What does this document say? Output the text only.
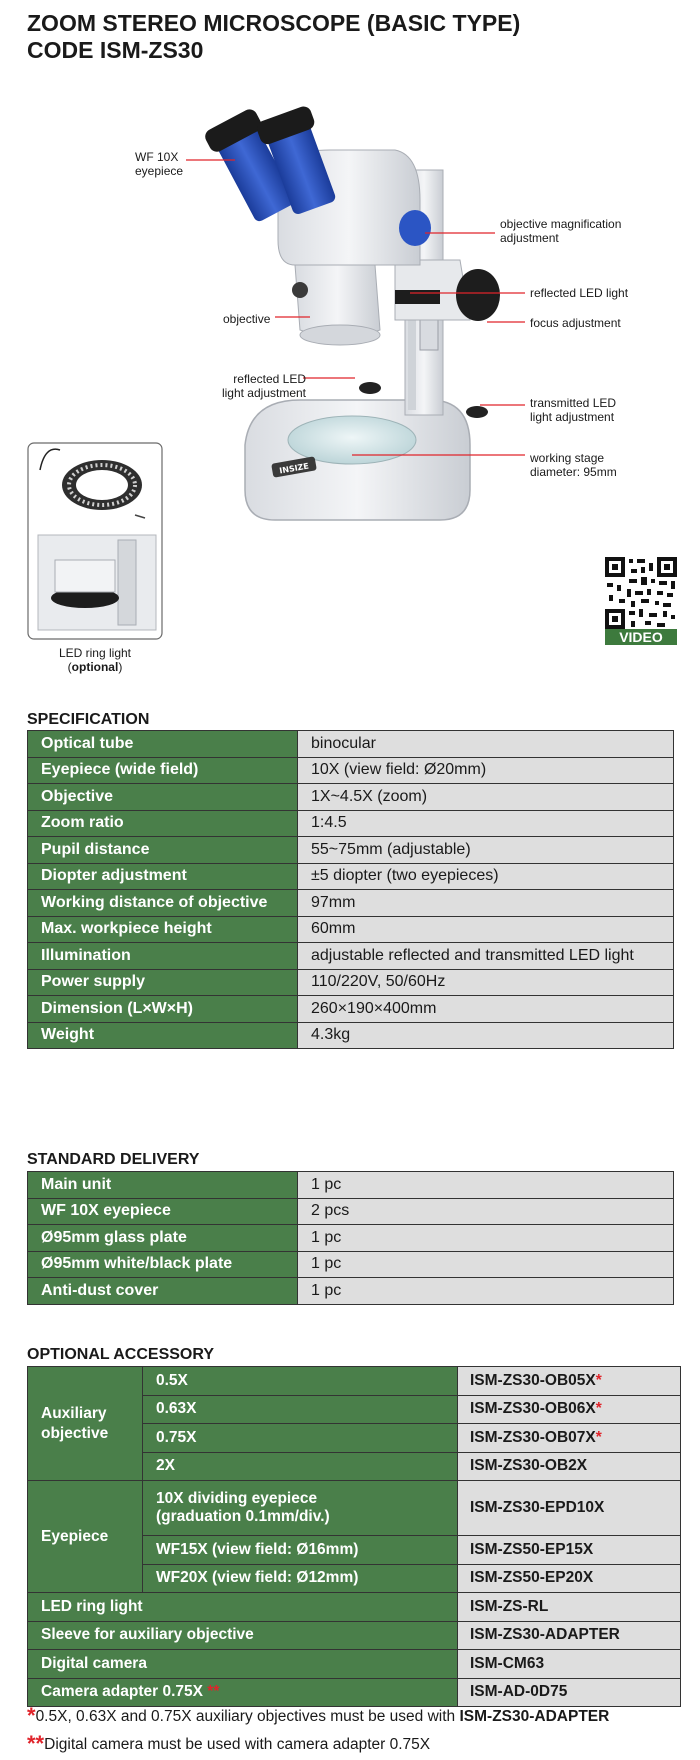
ZOOM STEREO MICROSCOPE (BASIC TYPE)
CODE ISM-ZS30
INSIZE
VIDEO
WF 10X eyepiece
objective
reflected LED light adjustment
objective magnification adjustment
reflected LED light
focus adjustment
transmitted LED light adjustment
working stage diameter: 95mm
LED ring light (optional)
SPECIFICATION
Optical tube	binocular
Eyepiece (wide field)	10X (view field: Ø20mm)
Objective	1X~4.5X (zoom)
Zoom ratio	1:4.5
Pupil distance	55~75mm (adjustable)
Diopter adjustment	±5 diopter (two eyepieces)
Working distance of objective	97mm
Max. workpiece height	60mm
Illumination	adjustable reflected and transmitted LED light
Power supply	110/220V, 50/60Hz
Dimension (L×W×H)	260×190×400mm
Weight	4.3kg
STANDARD DELIVERY
Main unit	1 pc
WF 10X eyepiece	2 pcs
Ø95mm glass plate	1 pc
Ø95mm white/black plate	1 pc
Anti-dust cover	1 pc
OPTIONAL ACCESSORY
Auxiliary objective	0.5X	ISM-ZS30-OB05X*
	0.63X	ISM-ZS30-OB06X*
	0.75X	ISM-ZS30-OB07X*
	2X	ISM-ZS30-OB2X
Eyepiece	10X dividing eyepiece (graduation 0.1mm/div.)	ISM-ZS30-EPD10X
	WF15X (view field: Ø16mm)	ISM-ZS50-EP15X
	WF20X (view field: Ø12mm)	ISM-ZS50-EP20X
LED ring light		ISM-ZS-RL
Sleeve for auxiliary objective		ISM-ZS30-ADAPTER
Digital camera		ISM-CM63
Camera adapter 0.75X **		ISM-AD-0D75
*0.5X, 0.63X and 0.75X auxiliary objectives must be used with ISM-ZS30-ADAPTER
**Digital camera must be used with camera adapter 0.75X
